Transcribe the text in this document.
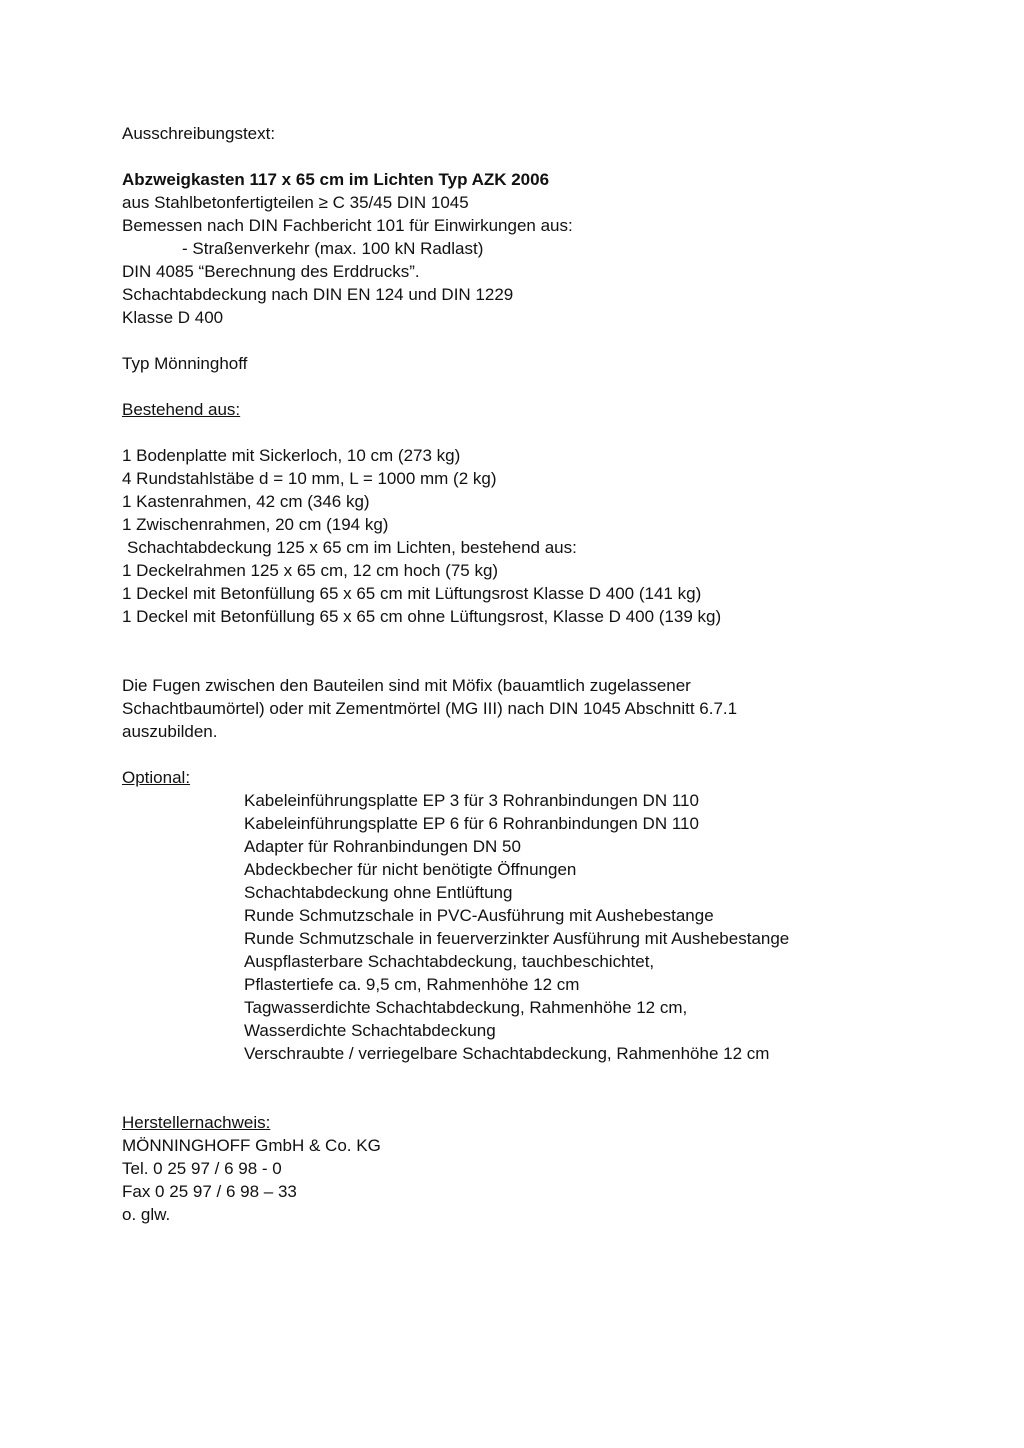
Ausschreibungstext:
Abzweigkasten 117 x 65 cm im Lichten Typ AZK 2006
aus Stahlbetonfertigteilen ≥ C 35/45 DIN 1045
Bemessen nach DIN Fachbericht 101 für Einwirkungen aus:
- Straßenverkehr (max. 100 kN Radlast)
DIN 4085 “Berechnung des Erddrucks”.
Schachtabdeckung nach DIN EN 124 und DIN 1229
Klasse D 400
Typ Mönninghoff
Bestehend aus:
1 Bodenplatte mit Sickerloch, 10 cm (273 kg)
4 Rundstahlstäbe d = 10 mm, L = 1000 mm (2 kg)
1 Kastenrahmen, 42 cm (346 kg)
1 Zwischenrahmen, 20 cm (194 kg)
Schachtabdeckung 125 x 65 cm im Lichten, bestehend aus:
1 Deckelrahmen 125 x 65 cm, 12 cm hoch (75 kg)
1 Deckel mit Betonfüllung 65 x 65 cm mit Lüftungsrost Klasse D 400 (141 kg)
1 Deckel mit Betonfüllung 65 x 65 cm ohne Lüftungsrost, Klasse D 400 (139 kg)
Die Fugen zwischen den Bauteilen sind mit Möfix (bauamtlich zugelassener
Schachtbaumörtel) oder mit Zementmörtel (MG III) nach DIN 1045 Abschnitt 6.7.1
auszubilden.
Optional:
Kabeleinführungsplatte EP 3 für 3 Rohranbindungen DN 110
Kabeleinführungsplatte EP 6 für 6 Rohranbindungen DN 110
Adapter für Rohranbindungen DN 50
Abdeckbecher für nicht benötigte Öffnungen
Schachtabdeckung ohne Entlüftung
Runde Schmutzschale in PVC-Ausführung mit Aushebestange
Runde Schmutzschale in feuerverzinkter Ausführung mit Aushebestange
Auspflasterbare Schachtabdeckung, tauchbeschichtet,
Pflastertiefe ca. 9,5 cm, Rahmenhöhe 12 cm
Tagwasserdichte Schachtabdeckung, Rahmenhöhe 12 cm,
Wasserdichte Schachtabdeckung
Verschraubte / verriegelbare Schachtabdeckung, Rahmenhöhe 12 cm
Herstellernachweis:
MÖNNINGHOFF GmbH & Co. KG
Tel. 0 25 97 / 6 98 - 0
Fax 0 25 97 / 6 98 – 33
o. glw.
